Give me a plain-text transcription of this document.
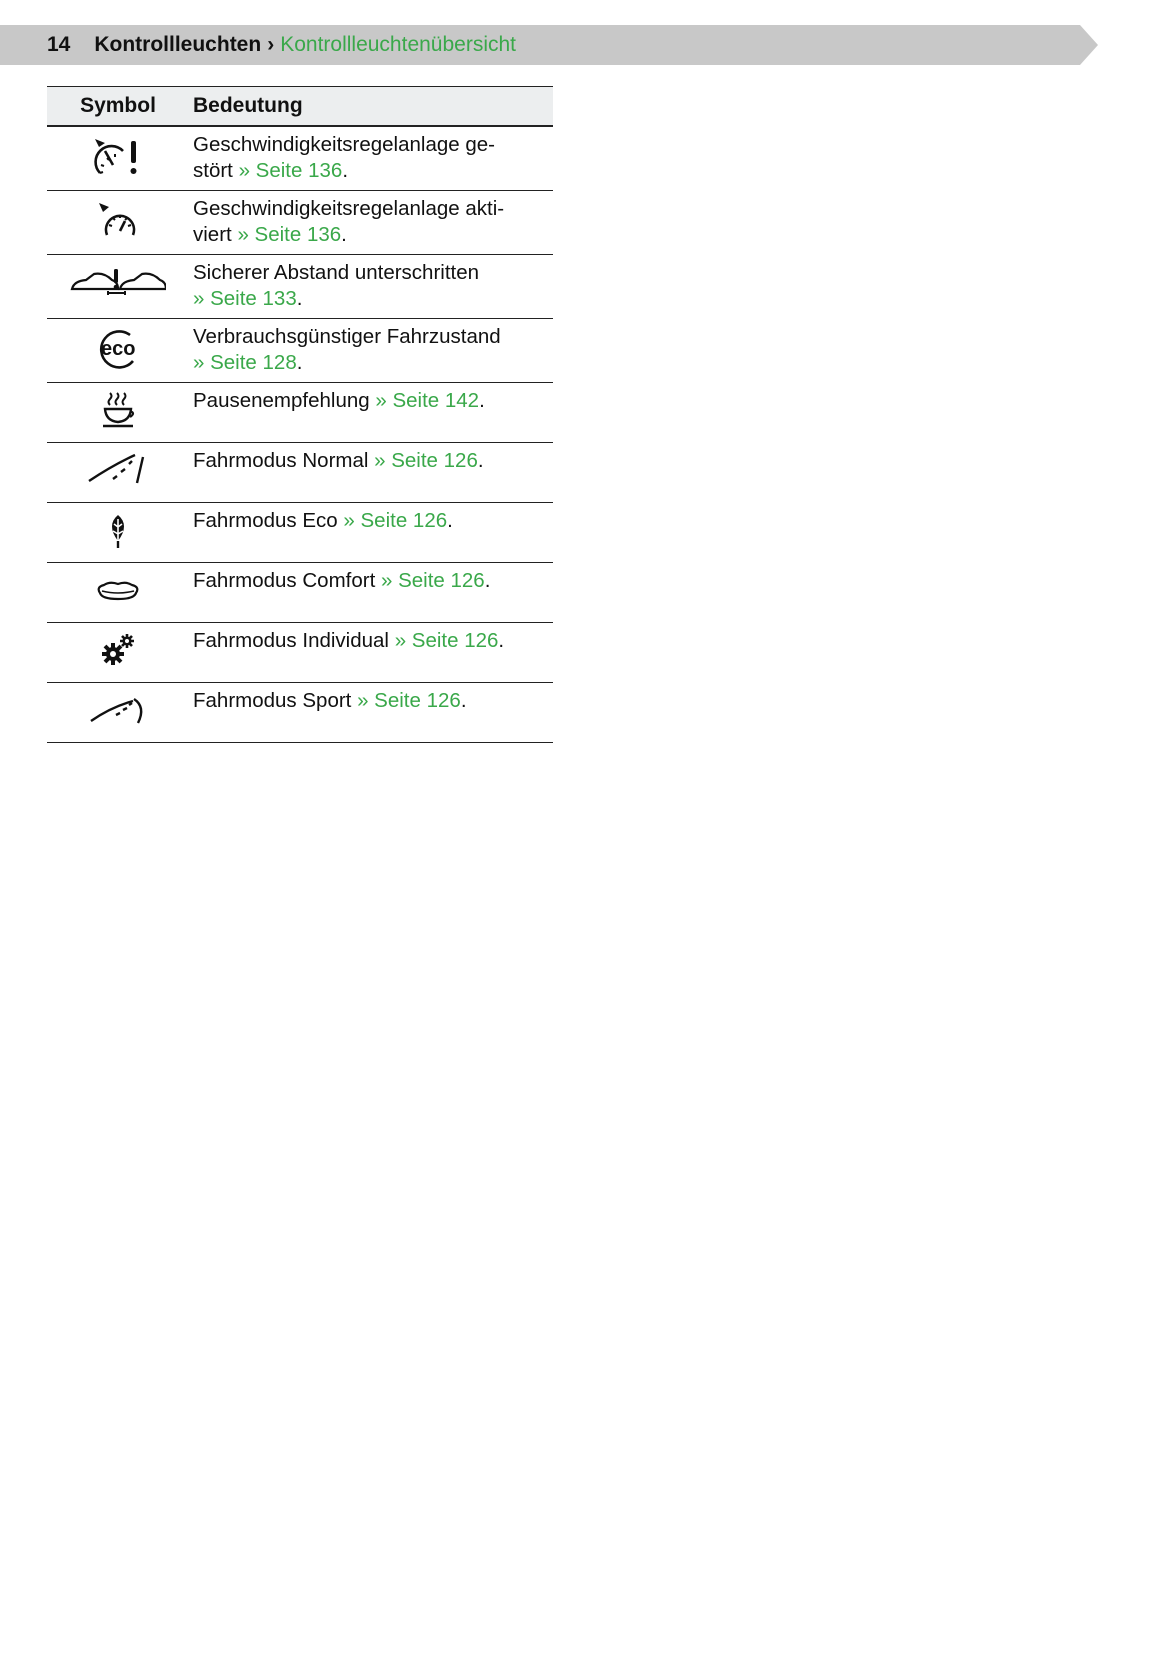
14 Kontrollleuchten › Kontrollleuchtenübersicht
Symbol	Bedeutung
	Geschwindigkeitsregelanlage ge-
stört » Seite 136.
	Geschwindigkeitsregelanlage akti-
viert » Seite 136.
	Sicherer Abstand unterschritten
» Seite 133.

eco	Verbrauchsgünstiger Fahrzustand
» Seite 128.
	Pausenempfehlung » Seite 142.
	Fahrmodus Normal » Seite 126.
	Fahrmodus Eco » Seite 126.
	Fahrmodus Comfort » Seite 126.
	Fahrmodus Individual » Seite 126.
	Fahrmodus Sport » Seite 126.
